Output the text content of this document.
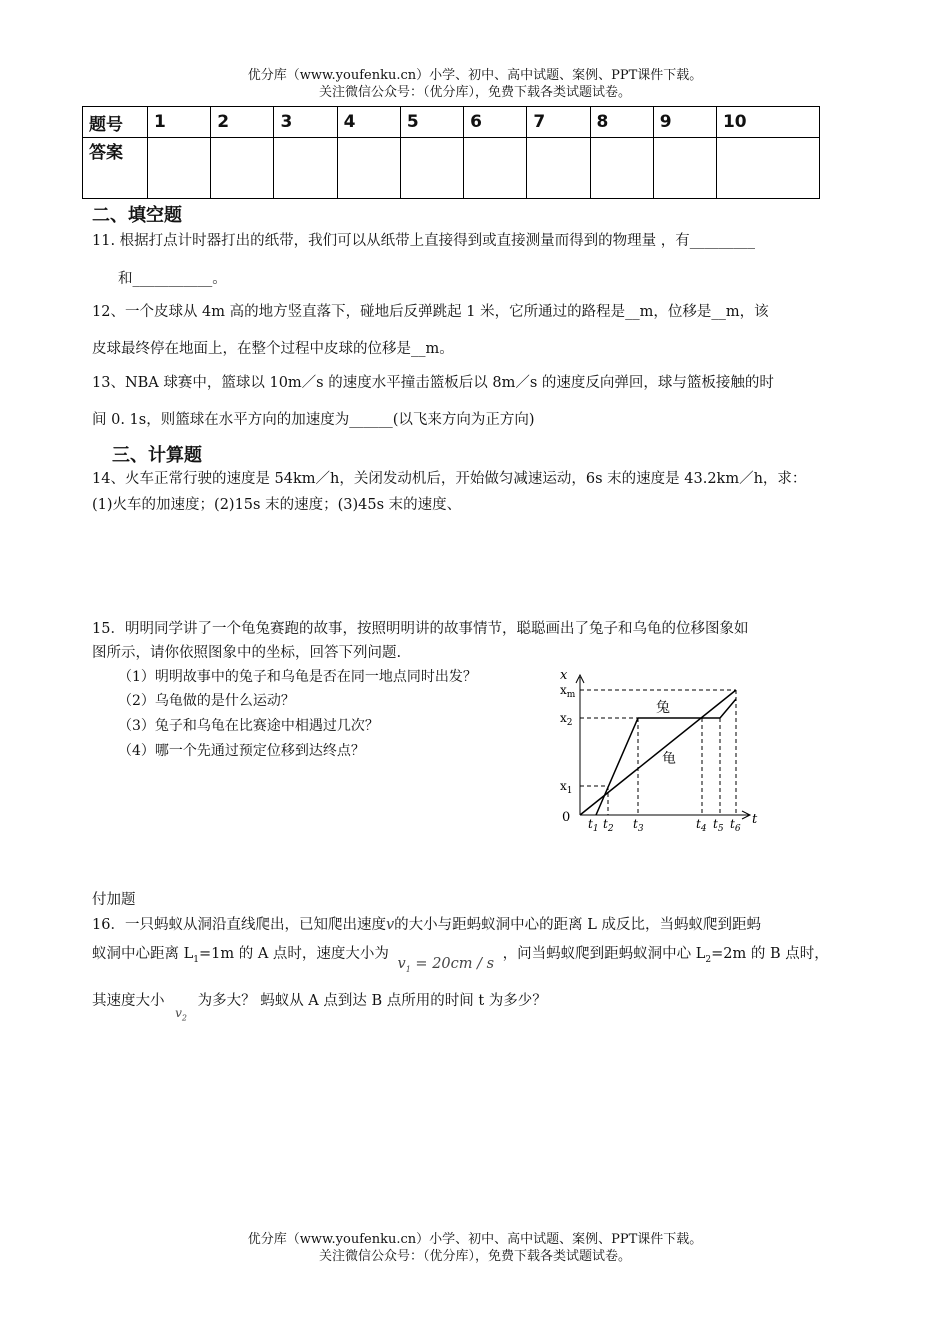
优分库（www.youfenku.cn）小学、初中、高中试题、案例、PPT课件下载。
关注微信公众号：（优分库），免费下载各类试题试卷。
题号	1	2	3	4	5	6	7	8	9	10
答案										
二、填空题
11. 根据打点计时器打出的纸带，我们可以从纸带上直接得到或直接测量而得到的物理量 ，有_________
和___________。
12、一个皮球从 4m 高的地方竖直落下，碰地后反弹跳起 1 米，它所通过的路程是__m，位移是__m，该
皮球最终停在地面上，在整个过程中皮球的位移是__m。
13、NBA 球赛中，篮球以 10m／s 的速度水平撞击篮板后以 8m／s 的速度反向弹回，球与篮板接触的时
间 0. 1s，则篮球在水平方向的加速度为______(以飞来方向为正方向)
三、计算题
14、火车正常行驶的速度是 54km／h，关闭发动机后，开始做匀减速运动，6s 末的速度是 43.2km／h，求：
(1)火车的加速度；(2)15s 末的速度；(3)45s 末的速度、
15．明明同学讲了一个龟兔赛跑的故事，按照明明讲的故事情节，聪聪画出了兔子和乌龟的位移图象如
图所示，请你依照图象中的坐标，回答下列问题.
（1）明明故事中的兔子和乌龟是否在同一地点同时出发？
（2）乌龟做的是什么运动？
（3）兔子和乌龟在比赛途中相遇过几次？
（4）哪一个先通过预定位移到达终点？
x
$x_m$
$x_2$
$x_1$
0	t
$t_1$ $t_2$ $t_3$	$t_4$ $t_5$ $t_6$
兔
龟
付加题
16．一只蚂蚁从洞沿直线爬出，已知爬出速度v的大小与距蚂蚁洞中心的距离 L 成反比，当蚂蚁爬到距蚂
蚁洞中心距离 $L_1=1m$ 的 A 点时，速度大小为 $v_1 = 20cm / s$ ，问当蚂蚁爬到距蚂蚁洞中心 $L_2=2m$ 的 B 点时，
其速度大小 $_{v_2}$ 为多大？ 蚂蚁从 A 点到达 B 点所用的时间 t 为多少？
优分库（www.youfenku.cn）小学、初中、高中试题、案例、PPT课件下载。
关注微信公众号：（优分库），免费下载各类试题试卷。
